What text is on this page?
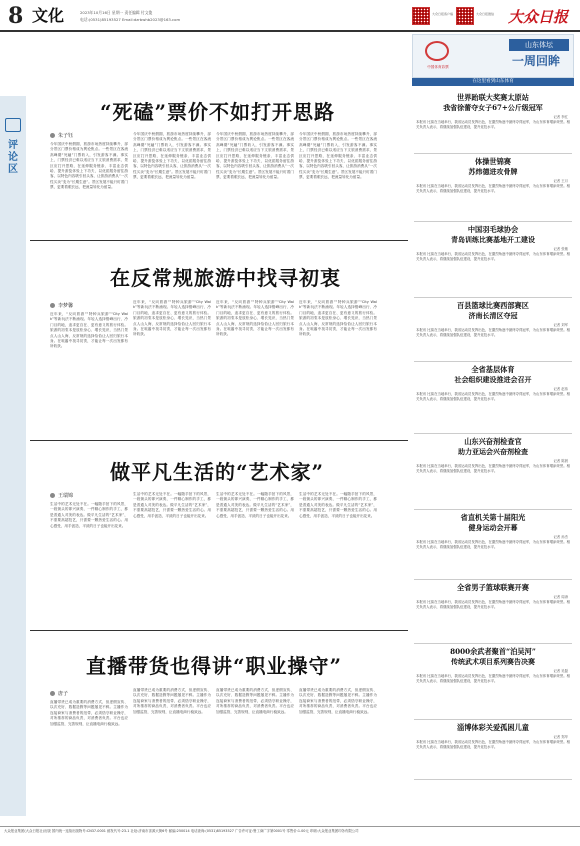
8 文化	2023年10月16日 星期一 责任编辑 付文俊
电话:(0531)85193527 Email:dzrbwhb2023@163.com
大众日报客户端	大众日报微信 大众日报
评论区
“死磕”票价不如打开思路
朱子钰
今年国庆中秋假期，旅游市场热度持续攀升，部分景区门票价格成为舆论焦点。一些景区在客流高峰期“死磕”门票收入，引发游客不满。事实上，门票经济已难以适应当下文旅消费需求，景区应打开思路，在延伸服务链条、丰富业态供给、提升游览体验上下功夫，以优质服务留住游客，以特色内容吸引回头客，让旅游消费从“一次性买卖”变为“长期生意”。景区发展不能只盯着门票，更要着眼长远，把流量转化为留量。
今年国庆中秋假期，旅游市场热度持续攀升，部分景区门票价格成为舆论焦点。一些景区在客流高峰期“死磕”门票收入，引发游客不满。事实上，门票经济已难以适应当下文旅消费需求，景区应打开思路，在延伸服务链条、丰富业态供给、提升游览体验上下功夫，以优质服务留住游客，以特色内容吸引回头客，让旅游消费从“一次性买卖”变为“长期生意”。景区发展不能只盯着门票，更要着眼长远，把流量转化为留量。
今年国庆中秋假期，旅游市场热度持续攀升，部分景区门票价格成为舆论焦点。一些景区在客流高峰期“死磕”门票收入，引发游客不满。事实上，门票经济已难以适应当下文旅消费需求，景区应打开思路，在延伸服务链条、丰富业态供给、提升游览体验上下功夫，以优质服务留住游客，以特色内容吸引回头客，让旅游消费从“一次性买卖”变为“长期生意”。景区发展不能只盯着门票，更要着眼长远，把流量转化为留量。
今年国庆中秋假期，旅游市场热度持续攀升，部分景区门票价格成为舆论焦点。一些景区在客流高峰期“死磕”门票收入，引发游客不满。事实上，门票经济已难以适应当下文旅消费需求，景区应打开思路，在延伸服务链条、丰富业态供给、提升游览体验上下功夫，以优质服务留住游客，以特色内容吸引回头客，让旅游消费从“一次性买卖”变为“长期生意”。景区发展不能只盯着门票，更要着眼长远，把流量转化为留量。
在反常规旅游中找寻初衷
李梦馨
近年来，“反向旅游”“特种兵旅游”“City Walk”等新玩法不断涌现。年轻人选择错峰出行、冷门目的地，追求更自在、更有意义的旅行体验。旅游的初衷本是放松身心、增长见识，当热门景点人山人海，反常规的选择恰恰让人回归旅行本身。在喧嚣中找寻初衷，才能让每一次出发都有所收获。
近年来，“反向旅游”“特种兵旅游”“City Walk”等新玩法不断涌现。年轻人选择错峰出行、冷门目的地，追求更自在、更有意义的旅行体验。旅游的初衷本是放松身心、增长见识，当热门景点人山人海，反常规的选择恰恰让人回归旅行本身。在喧嚣中找寻初衷，才能让每一次出发都有所收获。
近年来，“反向旅游”“特种兵旅游”“City Walk”等新玩法不断涌现。年轻人选择错峰出行、冷门目的地，追求更自在、更有意义的旅行体验。旅游的初衷本是放松身心、增长见识，当热门景点人山人海，反常规的选择恰恰让人回归旅行本身。在喧嚣中找寻初衷，才能让每一次出发都有所收获。
近年来，“反向旅游”“特种兵旅游”“City Walk”等新玩法不断涌现。年轻人选择错峰出行、冷门目的地，追求更自在、更有意义的旅行体验。旅游的初衷本是放松身心、增长见识，当热门景点人山人海，反常规的选择恰恰让人回归旅行本身。在喧嚣中找寻初衷，才能让每一次出发都有所收获。
做平凡生活的“艺术家”
王瑞锦
生活中的艺术无处不在。一幅随手拍下的风景，一段街头的即兴演奏，一件精心制作的手工，都是普通人对美的表达。做平凡生活的“艺术家”，不需要高超技艺，只需要一颗热爱生活的心。用心感受，用手创造，平淡的日子也能开出花来。
生活中的艺术无处不在。一幅随手拍下的风景，一段街头的即兴演奏，一件精心制作的手工，都是普通人对美的表达。做平凡生活的“艺术家”，不需要高超技艺，只需要一颗热爱生活的心。用心感受，用手创造，平淡的日子也能开出花来。
生活中的艺术无处不在。一幅随手拍下的风景，一段街头的即兴演奏，一件精心制作的手工，都是普通人对美的表达。做平凡生活的“艺术家”，不需要高超技艺，只需要一颗热爱生活的心。用心感受，用手创造，平淡的日子也能开出花来。
生活中的艺术无处不在。一幅随手拍下的风景，一段街头的即兴演奏，一件精心制作的手工，都是普通人对美的表达。做平凡生活的“艺术家”，不需要高超技艺，只需要一颗热爱生活的心。用心感受，用手创造，平淡的日子也能开出花来。
直播带货也得讲“职业操守”
唐子
直播带货已成为重要的消费方式，但虚假宣传、以次充好、数据造假等问题屡见不鲜。主播作为连接商家与消费者的纽带，必须恪守职业操守，对所推荐的商品负责，对消费者负责。平台也应加强监管，完善规则，让直播电商行稳致远。
直播带货已成为重要的消费方式，但虚假宣传、以次充好、数据造假等问题屡见不鲜。主播作为连接商家与消费者的纽带，必须恪守职业操守，对所推荐的商品负责，对消费者负责。平台也应加强监管，完善规则，让直播电商行稳致远。
直播带货已成为重要的消费方式，但虚假宣传、以次充好、数据造假等问题屡见不鲜。主播作为连接商家与消费者的纽带，必须恪守职业操守，对所推荐的商品负责，对消费者负责。平台也应加强监管，完善规则，让直播电商行稳致远。
直播带货已成为重要的消费方式，但虚假宣传、以次充好、数据造假等问题屡见不鲜。主播作为连接商家与消费者的纽带，必须恪守职业操守，对所推荐的商品负责，对消费者负责。平台也应加强监管，完善规则，让直播电商行稳致远。
中国体育彩票
山东体坛
一周回眸
在这里看到山东体育
世界跆联大奖赛太原站
我省徐蕾夺女子67+公斤级冠军
记者 李红
本报讯 比赛在当地举行，我省运动员发挥出色，在激烈角逐中最终夺得冠军，为山东体育增添荣誉。相关负责人表示，将继续加强队伍建设，提升竞技水平。
体操世锦赛
苏炜德进攻骨牌
记者 王月
本报讯 比赛在当地举行，我省运动员发挥出色，在激烈角逐中最终夺得冠军，为山东体育增添荣誉。相关负责人表示，将继续加强队伍建设，提升竞技水平。
中国羽毛球协会
青岛训练比赛基地开工建设
记者 张敏
本报讯 比赛在当地举行，我省运动员发挥出色，在激烈角逐中最终夺得冠军，为山东体育增添荣誉。相关负责人表示，将继续加强队伍建设，提升竞技水平。
百县篮球比赛西部赛区
济南长清区夺冠
记者 刘军
本报讯 比赛在当地举行，我省运动员发挥出色，在激烈角逐中最终夺得冠军，为山东体育增添荣誉。相关负责人表示，将继续加强队伍建设，提升竞技水平。
全省基层体育
社会组织建设推进会召开
记者 赵伟
本报讯 比赛在当地举行，我省运动员发挥出色，在激烈角逐中最终夺得冠军，为山东体育增添荣誉。相关负责人表示，将继续加强队伍建设，提升竞技水平。
山东兴奋剂检查官
助力亚运会兴奋剂检查
记者 陈晨
本报讯 比赛在当地举行，我省运动员发挥出色，在激烈角逐中最终夺得冠军，为山东体育增添荣誉。相关负责人表示，将继续加强队伍建设，提升竞技水平。
省直机关第十届阳光
健身运动会开幕
记者 孙杰
本报讯 比赛在当地举行，我省运动员发挥出色，在激烈角逐中最终夺得冠军，为山东体育增添荣誉。相关负责人表示，将继续加强队伍建设，提升竞技水平。
全省男子篮球联赛开赛
记者 周涛
本报讯 比赛在当地举行，我省运动员发挥出色，在激烈角逐中最终夺得冠军，为山东体育增添荣誉。相关负责人表示，将继续加强队伍建设，提升竞技水平。
8000余武者聚首“泊吴河”
传统武术项目系列赛告决赛
记者 吴磊
本报讯 比赛在当地举行，我省运动员发挥出色，在激烈角逐中最终夺得冠军，为山东体育增添荣誉。相关负责人表示，将继续加强队伍建设，提升竞技水平。
淄博体彩关爱孤困儿童
记者 郑华
本报讯 比赛在当地举行，我省运动员发挥出色，在激烈角逐中最终夺得冠军，为山东体育增添荣誉。相关负责人表示，将继续加强队伍建设，提升竞技水平。
大众报业集团(大众日报社)出版 国内统一连续出版物号:CN37-0001 邮发代号:23-1 社址:济南市泺源大街6号 邮编:250014 电话查询:(0531)85193527 广告许可证:鲁工商广字第0001号 零售价:1.00元 印刷:大众报业集团印务有限公司
